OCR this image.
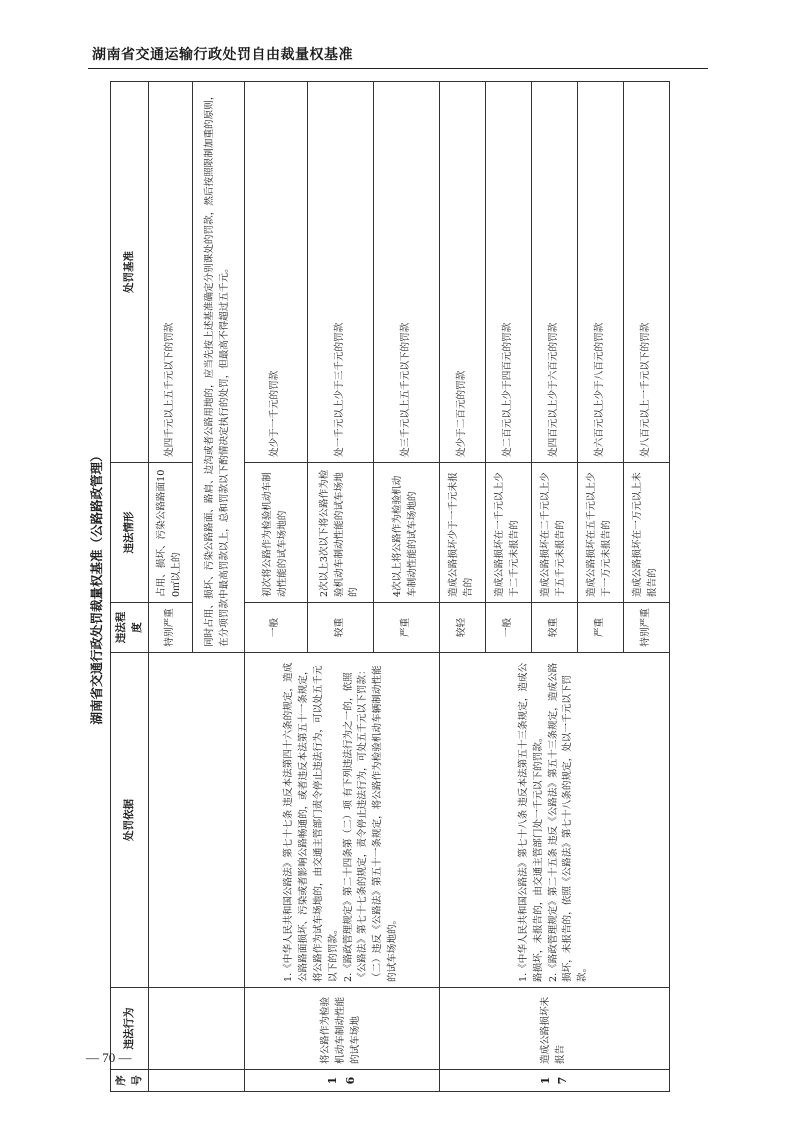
湖南省交通运输行政处罚自由裁量权基准
湖南省交通行政处罚裁量权基准（公路路政管理）
序号	违法行为	处罚依据	违法程度	违法情形	处罚基准
			特别严重	占用、损坏、污染公路路面100㎡以上的	处四千元以上五千元以下的罚款
			同时占用、损坏、污染公路路面、路肩、边沟或者公路用地的，应当先按上述基准确定分别课处的罚款，然后按照限制加重的原则，在分项罚款中最高罚款以上，总和罚款以下酌情决定执行的处罚，但最高不得超过五千元。		
16	将公路作为检验机动车制动性能的试车场地	1.《中华人民共和国公路法》第七十七条 违反本法第四十六条的规定，造成公路路面损坏、污染或者影响公路畅通的，或者违反本法第五十一条规定，将公路作为试车场地的，由交通主管部门责令停止违法行为，可以处五千元以下的罚款。 2.《路政管理规定》第二十四条第（二）项 有下列违法行为之一的，依照《公路法》第七十七条的规定，责令停止违法行为，可处五千元以下罚款： （二）违反《公路法》第五十一条规定，将公路作为检验机动车辆制动性能的试车场地的。	一般	初次将公路作为检验机动车制动性能的试车场地的	处少于一千元的罚款
			较重	2次以上3次以下将公路作为检验机动车制动性能的试车场地的	处一千元以上少于三千元的罚款
			严重	4次以上将公路作为检验机动车制动性能的试车场地的	处三千元以上五千元以下的罚款
17	造成公路损坏未报告	1.《中华人民共和国公路法》第七十八条 违反本法第五十三条规定，造成公路损坏，未报告的，由交通主管部门处一千元以下的罚款。 2.《路政管理规定》第二十五条 违反《公路法》第五十三条规定，造成公路损坏，未报告的，依照《公路法》第七十八条的规定，处以一千元以下罚款。	较轻	造成公路损坏少于一千元未报告的	处少于二百元的罚款
			一般	造成公路损坏在一千元以上少于二千元未报告的	处二百元以上少于四百元的罚款
			较重	造成公路损坏在二千元以上少于五千元未报告的	处四百元以上少于六百元的罚款
			严重	造成公路损坏在五千元以上少于一万元未报告的	处六百元以上少于八百元的罚款
			特别严重	造成公路损坏在一万元以上未报告的	处八百元以上一千元以下的罚款
— 70 —
